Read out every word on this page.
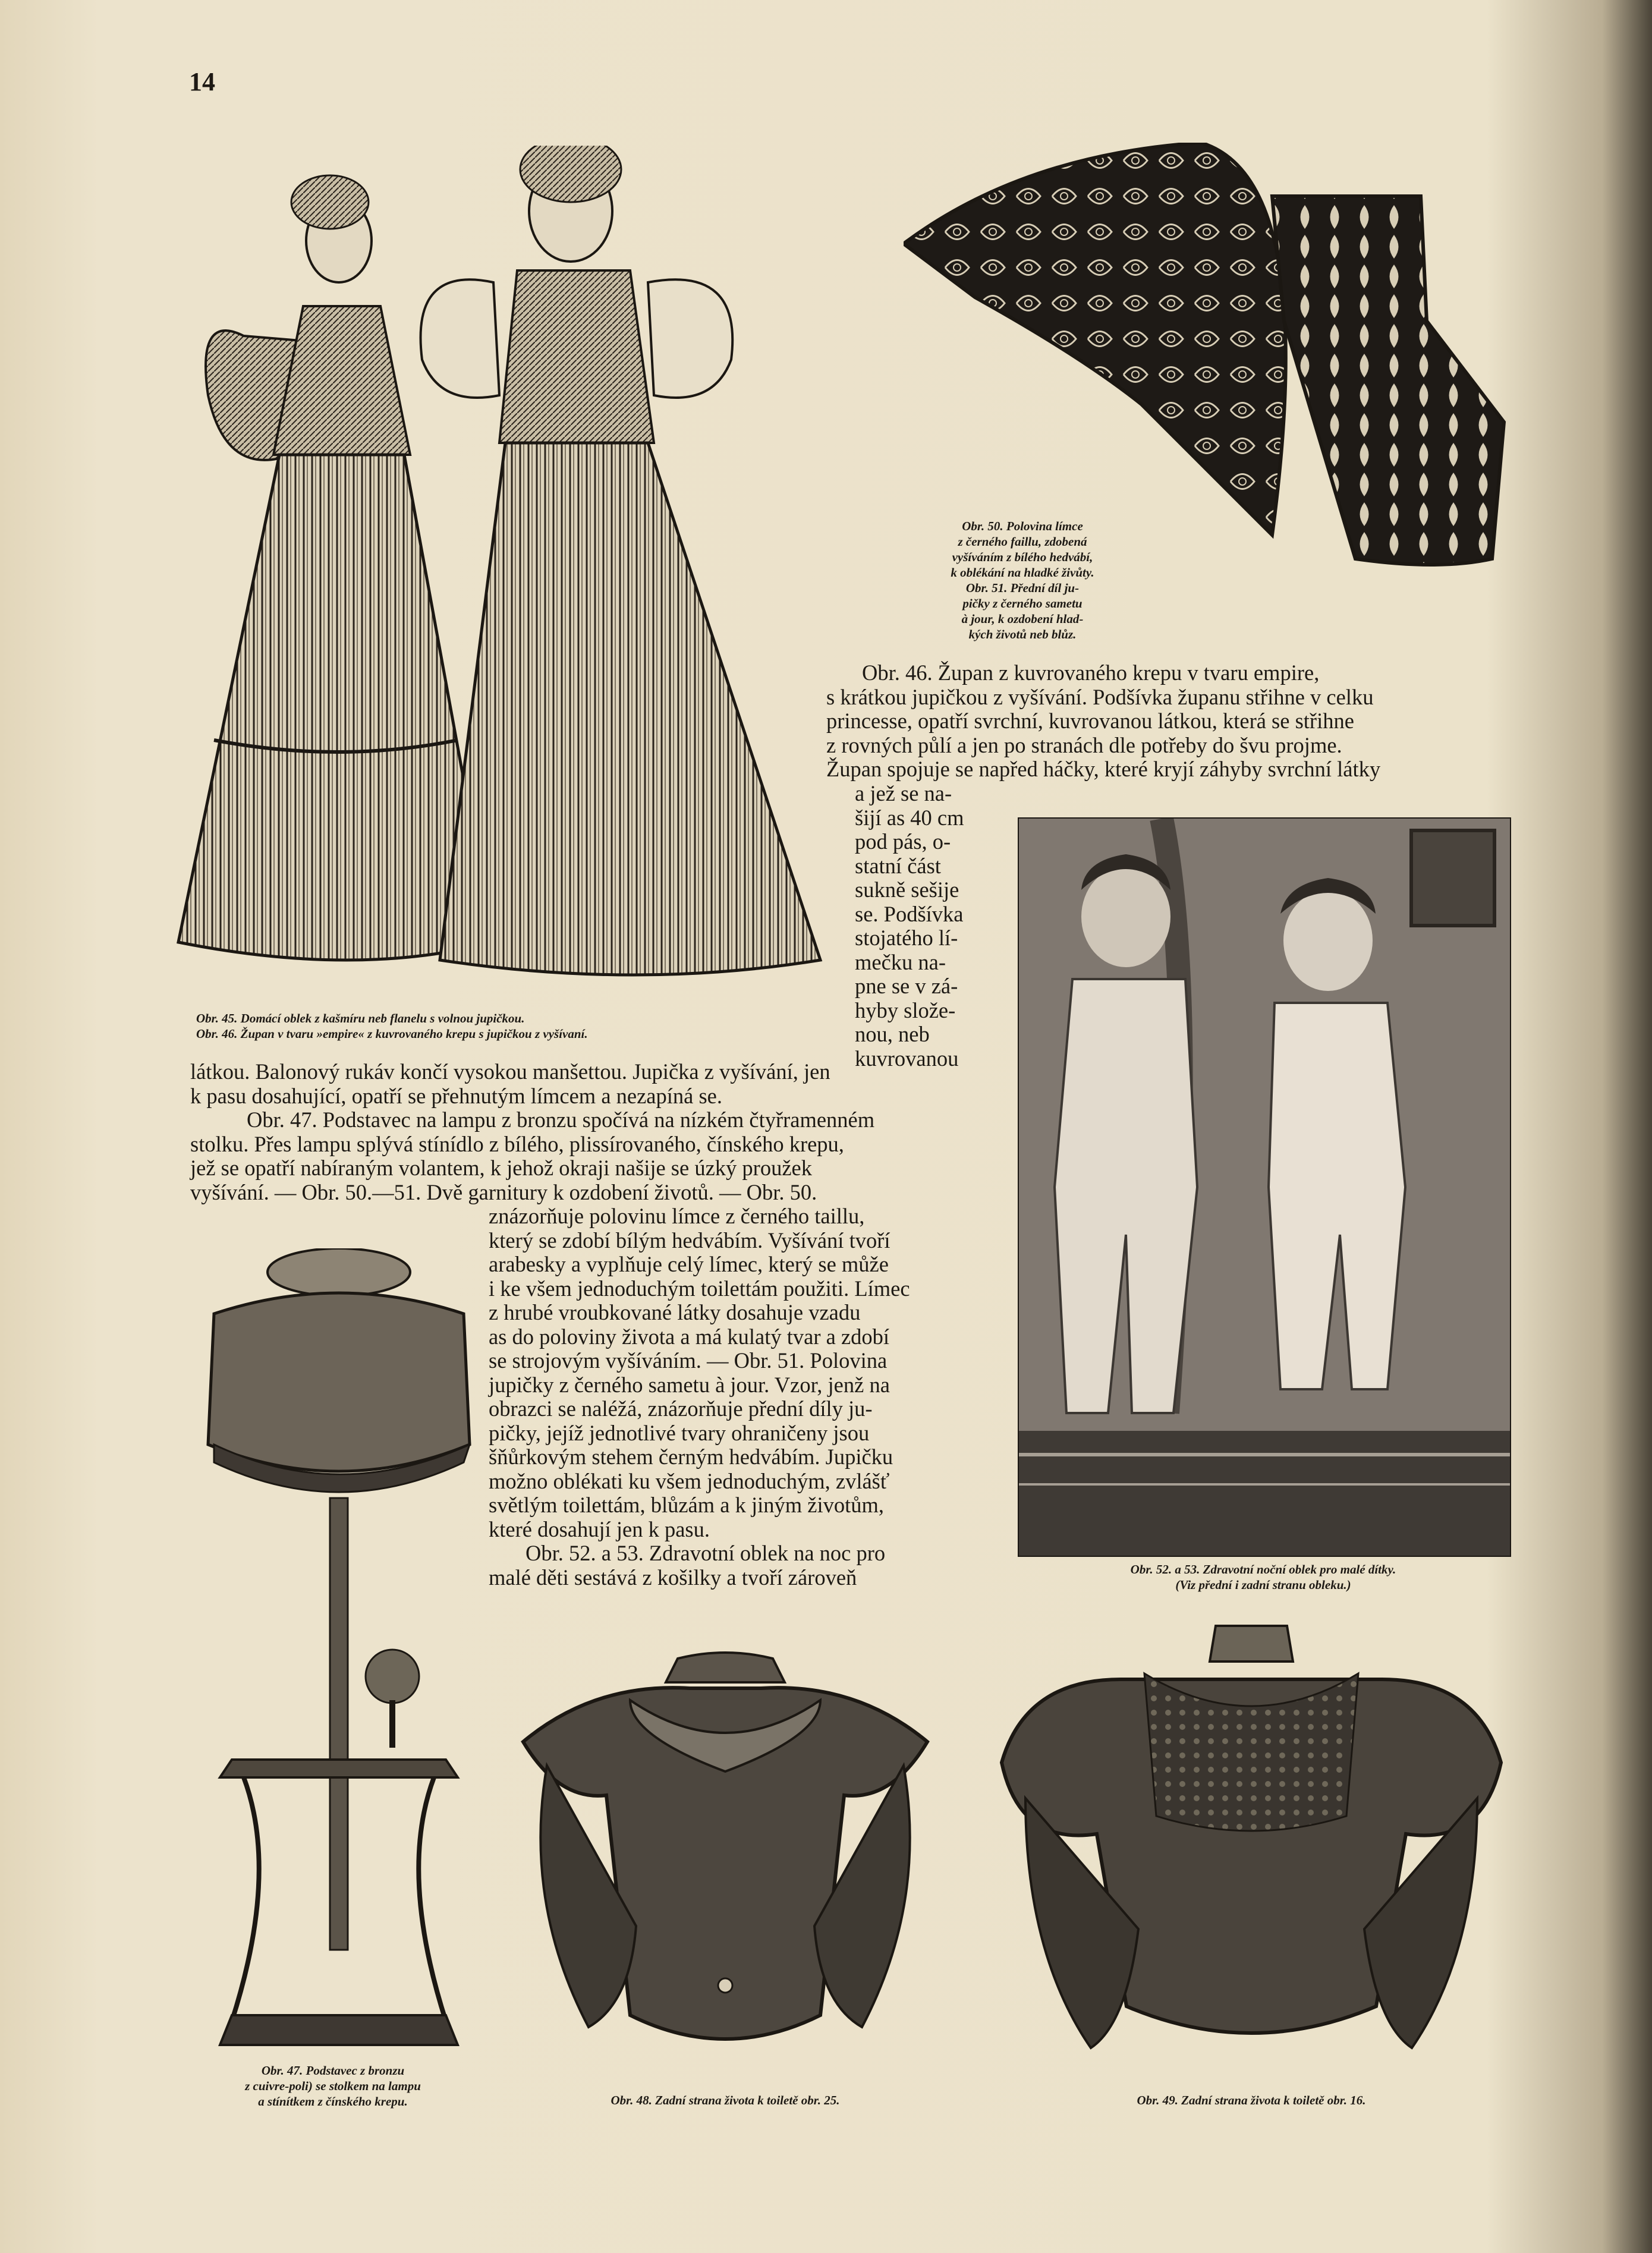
14
Obr. 45. Domácí oblek z kašmíru neb flanelu s volnou jupičkou.
Obr. 46. Župan v tvaru »empire« z kuvrovaného krepu s jupičkou z vyšívaní.
Obr. 50. Polovina límce
z černého faillu, zdobená
vyšíváním z bílého hedvábí,
k oblékání na hladké živůty.
Obr. 51. Přední díl ju-
pičky z černého sametu
à jour, k ozdobení hlad-
kých životů neb blůz.

Obr. 46. Župan z kuvrovaného krepu v tvaru empire,

s krátkou jupičkou z vyšívání. Podšívka županu střihne v celku

princesse, opatří svrchní, kuvrovanou látkou, která se střihne

z rovných půlí a jen po stranách dle potřeby do švu projme.

Župan spojuje se napřed háčky, které kryjí záhyby svrchní látky

a jež se na-

šijí as 40 cm

pod pás, o-

statní část

sukně sešije

se. Podšívka

stojatého lí-

mečku na-

pne se v zá-

hyby slože-

nou, neb

kuvrovanou

Obr. 52. a 53. Zdravotní noční oblek pro malé dítky.
(Viz přední i zadní stranu obleku.)

látkou. Balonový rukáv končí vysokou manšettou. Jupička z vyšívání, jen

k pasu dosahující, opatří se přehnutým límcem a nezapíná se.

Obr. 47. Podstavec na lampu z bronzu spočívá na nízkém čtyřramenném

stolku. Přes lampu splývá stínídlo z bílého, plissírovaného, čínského krepu,

jež se opatří nabíraným volantem, k jehož okraji našije se úzký proužek

vyšívání. — Obr. 50.—51. Dvě garnitury k ozdobení životů. — Obr. 50.

Obr. 47. Podstavec z bronzu
z cuivre-poli) se stolkem na lampu
a stínítkem z čínského krepu.

znázorňuje polovinu límce z černého taillu,

který se zdobí bílým hedvábím. Vyšívání tvoří

arabesky a vyplňuje celý límec, který se může

i ke všem jednoduchým toilettám použiti. Límec

z hrubé vroubkované látky dosahuje vzadu

as do poloviny života a má kulatý tvar a zdobí

se strojovým vyšíváním. — Obr. 51. Polovina

jupičky z černého sametu à jour. Vzor, jenž na

obrazci se naléžá, znázorňuje přední díly ju-

pičky, jejíž jednotlivé tvary ohraničeny jsou

šňůrkovým stehem černým hedvábím. Jupičku

možno oblékati ku všem jednoduchým, zvlášť

světlým toilettám, blůzám a k jiným životům,

které dosahují jen k pasu.

Obr. 52. a 53. Zdravotní oblek na noc pro

malé děti sestává z košilky a tvoří zároveň

Obr. 48. Zadní strana života k toiletě obr. 25.	Obr. 49. Zadní strana života k toiletě obr. 16.
